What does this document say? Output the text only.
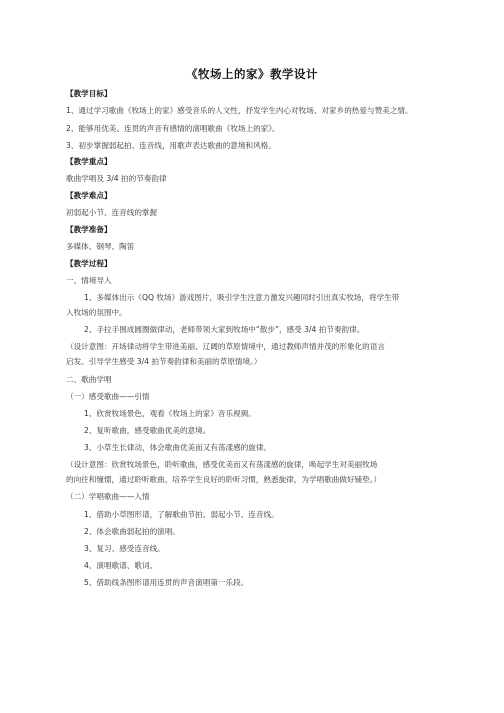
《牧场上的家》教学设计
【教学目标】
1、通过学习歌曲《牧场上的家》感受音乐的人文性，抒发学生内心对牧场、对家乡的热爱与赞美之情。
2、能够用优美、连贯的声音有感情的演唱歌曲《牧场上的家》。
3、初步掌握弱起拍、连音线，用歌声表达歌曲的意境和风格。
【教学重点】
歌曲学唱及 3/4 拍的节奏韵律
【教学难点】
初弱起小节、连音线的掌握
【教学准备】
多媒体、钢琴、陶笛
【教学过程】
一、情境导入
1、多媒体出示《QQ 牧场》游戏图片，吸引学生注意力激发兴趣同时引出真实牧场，将学生带
入牧场的氛围中。
2、手拉手围成圆圈做律动，老师带领大家到牧场中“散步”，感受 3/4 拍节奏韵律。
（设计意图：开场律动将学生带进美丽、辽阔的草原情境中，通过教师声情并茂的形象化的语言
启发、引导学生感受 3/4 拍节奏韵律和美丽的草原情境。）
二、歌曲学唱
（一）感受歌曲——引情
1、欣赏牧场景色，观看《牧场上的家》音乐视频。
2、复听歌曲，感受歌曲优美的意境。
3、小草生长律动，体会歌曲优美而又有荡漾感的旋律。
（设计意图：欣赏牧场景色，聆听歌曲，感受优美而又有荡漾感的旋律，唤起学生对美丽牧场
的向往和憧憬，通过聆听歌曲，培养学生良好的聆听习惯，熟悉旋律，为学唱歌曲做好铺垫。）
（二）学唱歌曲——入情
1、借助小草图形谱，了解歌曲节拍、弱起小节、连音线。
2、体会歌曲弱起拍的演唱。
3、复习、感受连音线。
4、演唱歌谱、歌词。
5、借助线条图形谱用连贯的声音演唱第一乐段。
